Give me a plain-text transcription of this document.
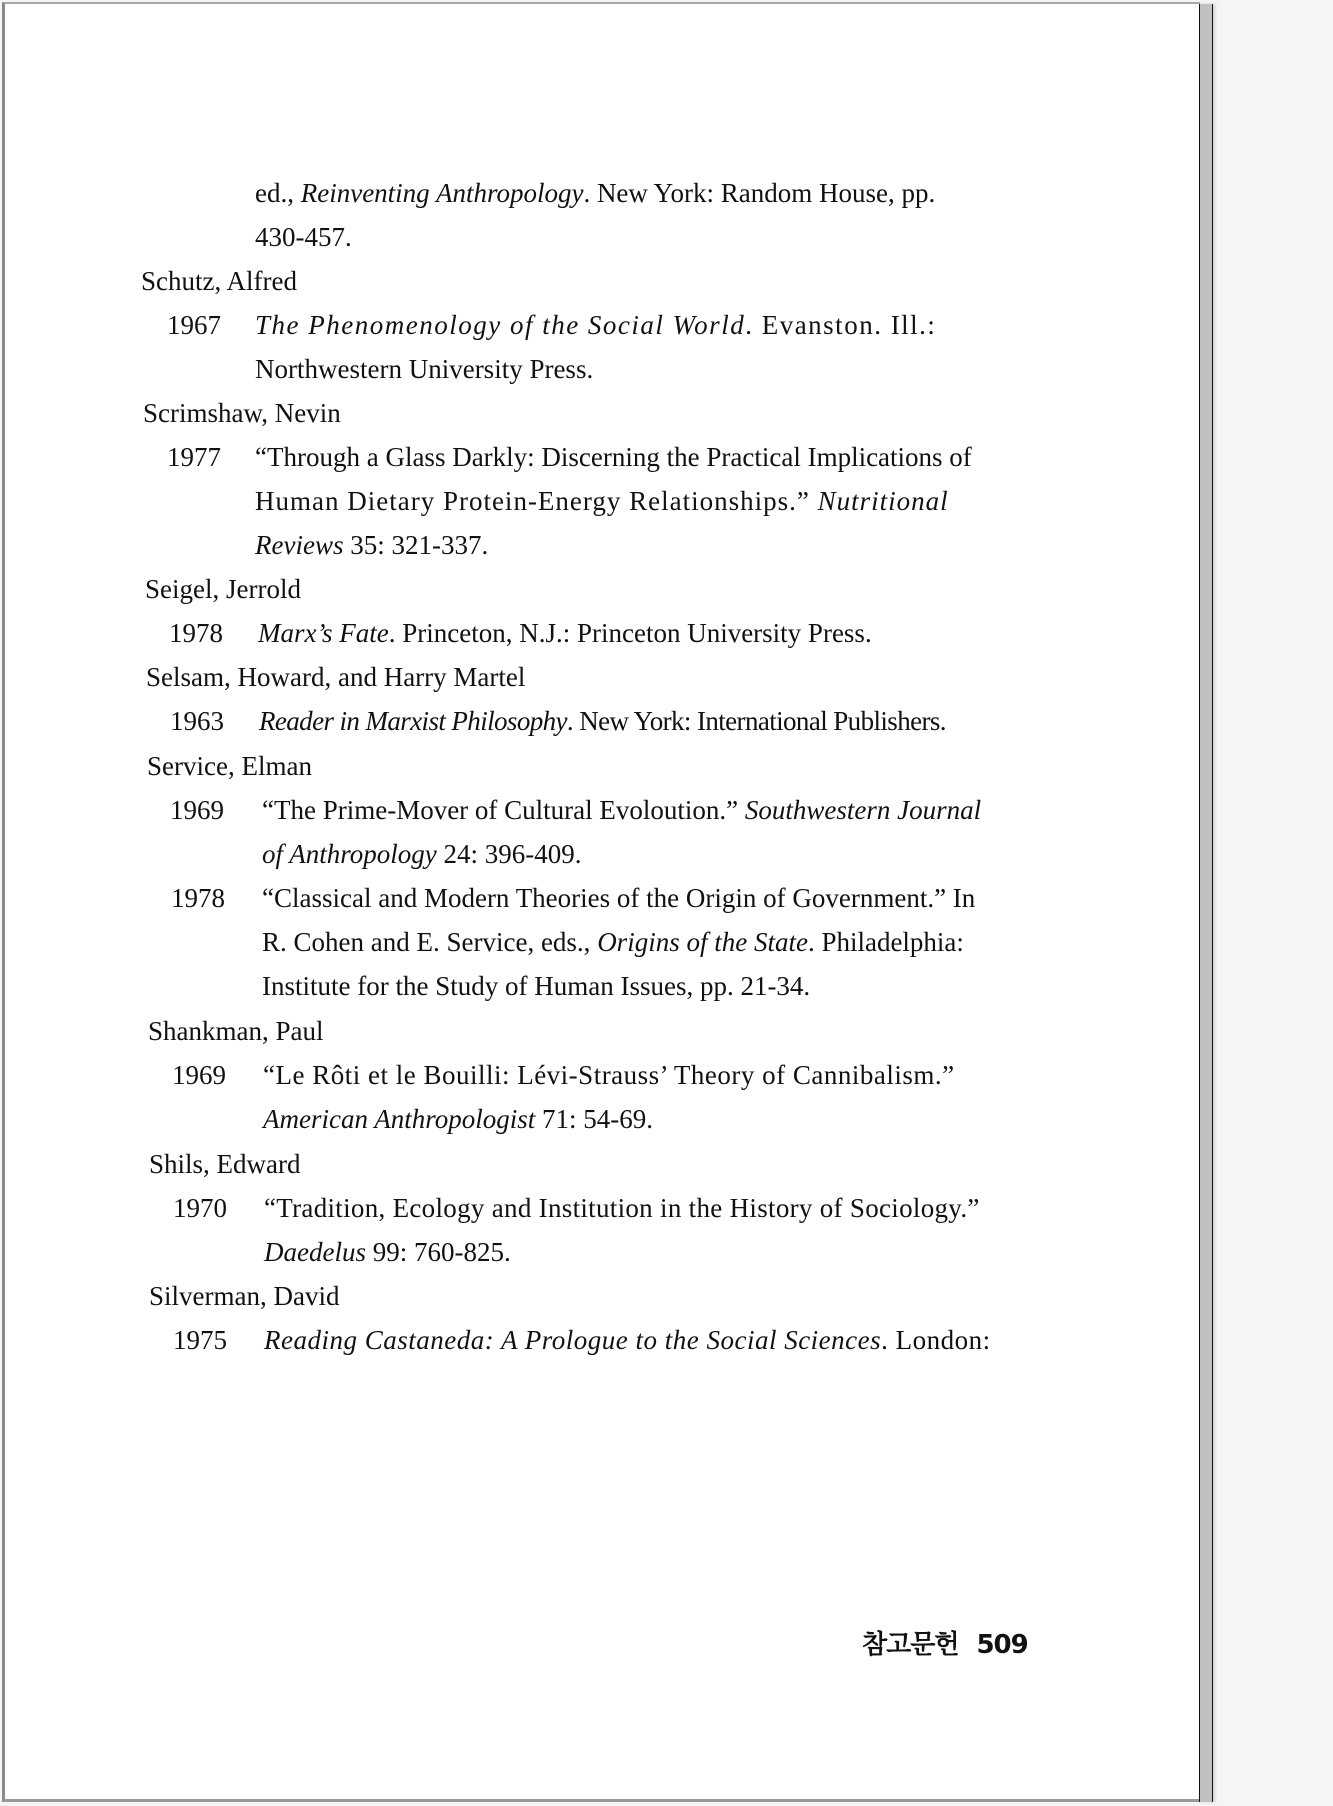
ed., Reinventing Anthropology. New York: Random House, pp.
430-457.
Schutz, Alfred
1967 The Phenomenology of the Social World. Evanston. Ill.:
Northwestern University Press.
Scrimshaw, Nevin
1977 “Through a Glass Darkly: Discerning the Practical Implications of
Human Dietary Protein-Energy Relationships.” Nutritional
Reviews 35: 321-337.
Seigel, Jerrold
1978 Marx’s Fate. Princeton, N.J.: Princeton University Press.
Selsam, Howard, and Harry Martel
1963 Reader in Marxist Philosophy. New York: International Publishers.
Service, Elman
1969 “The Prime-Mover of Cultural Evoloution.” Southwestern Journal
of Anthropology 24: 396-409.
1978 “Classical and Modern Theories of the Origin of Government.” In
R. Cohen and E. Service, eds., Origins of the State. Philadelphia:
Institute for the Study of Human Issues, pp. 21-34.
Shankman, Paul
1969 “Le Rôti et le Bouilli: Lévi-Strauss’ Theory of Cannibalism.”
American Anthropologist 71: 54-69.
Shils, Edward
1970 “Tradition, Ecology and Institution in the History of Sociology.”
Daedelus 99: 760-825.
Silverman, David
1975 Reading Castaneda: A Prologue to the Social Sciences. London:
참고문헌 509
